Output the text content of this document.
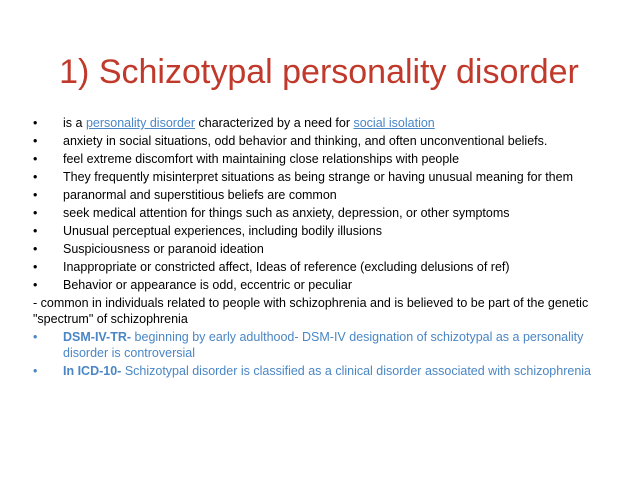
1) Schizotypal personality disorder
•	is a personality disorder characterized by a need for social isolation
•	anxiety in social situations, odd behavior and thinking, and often unconventional beliefs.
•	feel extreme discomfort with maintaining close relationships with people
•	They frequently misinterpret situations as being strange or having unusual meaning for them
•	paranormal and superstitious beliefs are common
•	seek medical attention for things such as anxiety, depression, or other symptoms
•	Unusual perceptual experiences, including bodily illusions
•	Suspiciousness or paranoid ideation
•	Inappropriate or constricted affect, Ideas of reference (excluding delusions of ref)
•	Behavior or appearance is odd, eccentric or peculiar
- common in individuals related to people with schizophrenia and is believed to be part of the genetic "spectrum" of schizophrenia
•	DSM-IV-TR- beginning by early adulthood- DSM-IV designation of schizotypal as a personality disorder is controversial
•	In ICD-10- Schizotypal disorder is classified as a clinical disorder associated with schizophrenia
